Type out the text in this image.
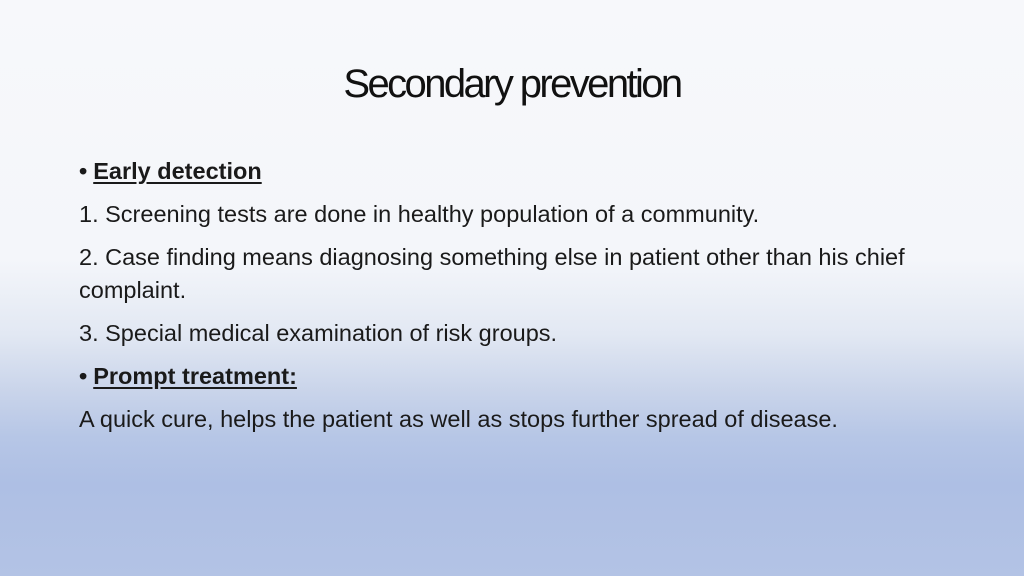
Secondary prevention
• Early detection
1. Screening tests are done in healthy population of a community.
2. Case finding means diagnosing something else in patient other than his chief complaint.
3. Special medical examination of risk groups.
• Prompt treatment:
A quick cure, helps the patient as well as stops further spread of disease.
